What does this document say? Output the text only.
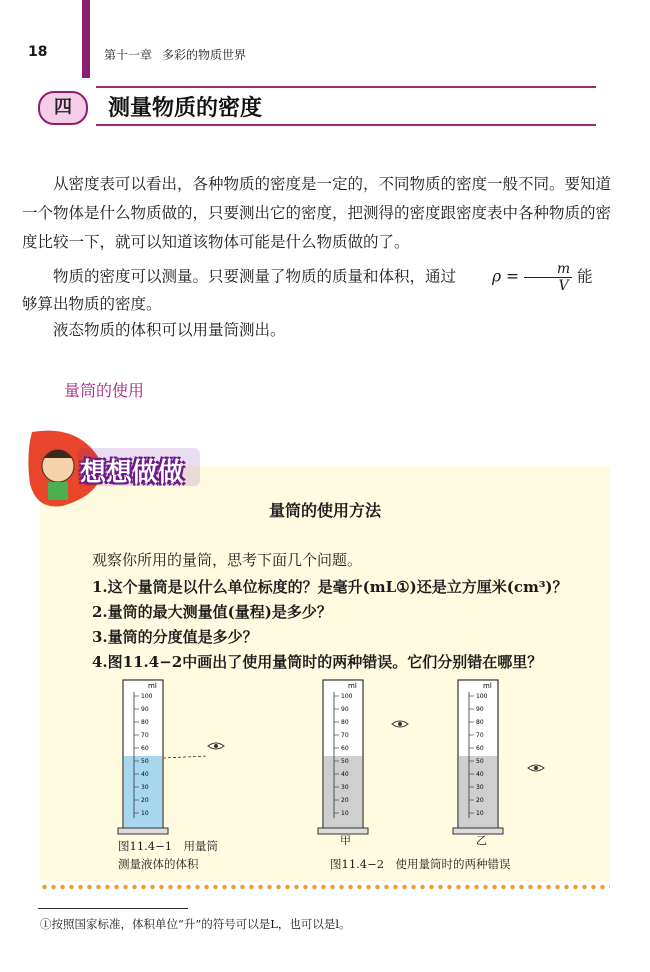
18	第十一章 多彩的物质世界
四	测量物质的密度
从密度表可以看出，各种物质的密度是一定的，不同物质的密度一般不同。要知道一个物体是什么物质做的，只要测出它的密度，把测得的密度跟密度表中各种物质的密度比较一下，就可以知道该物体可能是什么物质做的了。
物质的密度可以测量。只要测量了物质的质量和体积，通过 $\rho = \frac{m}{V}$ 能
够算出物质的密度。
液态物质的体积可以用量筒测出。
量筒的使用
想想做做
量筒的使用方法
观察你所用的量筒，思考下面几个问题。
1.这个量筒是以什么单位标度的？是毫升(mL①)还是立方厘米(cm³)？
2.量筒的最大测量值(量程)是多少？
3.量筒的分度值是多少？
4.图11.4−2中画出了使用量筒时的两种错误。它们分别错在哪里？
ml	ml	ml
100
90
80
70
60
50
40
30
20
10
100
90
80
70
60
50
40
30
20
10
100
90
80
70
60
50
40
30
20
10
图11.4−1　用量筒
测量液体的体积
甲	乙
图11.4−2　使用量筒时的两种错误
①按照国家标准，体积单位“升”的符号可以是L，也可以是l。
